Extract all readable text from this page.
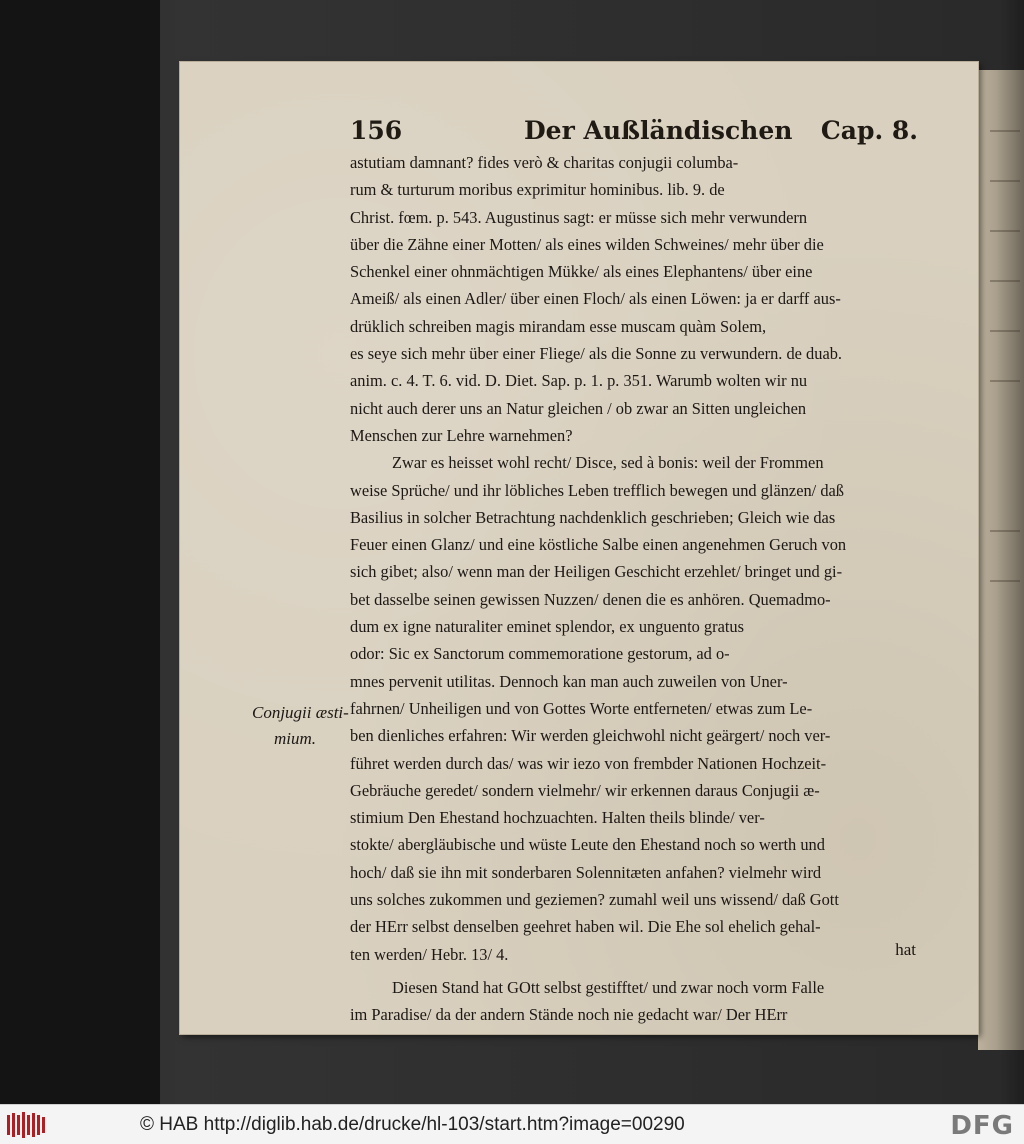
156	Der Außländischen Cap. 8.
Conjugii æsti-
mium.

astutiam damnant? fides verò & charitas conjugii columba-
rum & turturum moribus exprimitur hominibus. lib. 9. de
Christ. fœm. p. 543. Augustinus sagt: er müsse sich mehr verwundern
über die Zähne einer Motten/ als eines wilden Schweines/ mehr über die
Schenkel einer ohnmächtigen Mükke/ als eines Elephantens/ über eine
Ameiß/ als einen Adler/ über einen Floch/ als einen Löwen: ja er darff aus-
drüklich schreiben magis mirandam esse muscam quàm Solem,
es seye sich mehr über einer Fliege/ als die Sonne zu verwundern. de duab.
anim. c. 4. T. 6. vid. D. Diet. Sap. p. 1. p. 351. Warumb wolten wir nu
nicht auch derer uns an Natur gleichen / ob zwar an Sitten ungleichen
Menschen zur Lehre warnehmen?

Zwar es heisset wohl recht/ Disce, sed à bonis: weil der Frommen
weise Sprüche/ und ihr löbliches Leben trefflich bewegen und glänzen/ daß
Basilius in solcher Betrachtung nachdenklich geschrieben; Gleich wie das
Feuer einen Glanz/ und eine köstliche Salbe einen angenehmen Geruch von
sich gibet; also/ wenn man der Heiligen Geschicht erzehlet/ bringet und gi-
bet dasselbe seinen gewissen Nuzzen/ denen die es anhören. Quemadmo-
dum ex igne naturaliter eminet splendor, ex unguento gratus
odor: Sic ex Sanctorum commemoratione gestorum, ad o-
mnes pervenit utilitas. Dennoch kan man auch zuweilen von Uner-
fahrnen/ Unheiligen und von Gottes Worte entferneten/ etwas zum Le-
ben dienliches erfahren: Wir werden gleichwohl nicht geärgert/ noch ver-
führet werden durch das/ was wir iezo von frembder Nationen Hochzeit-
Gebräuche geredet/ sondern vielmehr/ wir erkennen daraus Conjugii æ-
stimium Den Ehestand hochzuachten. Halten theils blinde/ ver-
stokte/ abergläubische und wüste Leute den Ehestand noch so werth und
hoch/ daß sie ihn mit sonderbaren Solennitæten anfahen? vielmehr wird
uns solches zukommen und geziemen? zumahl weil uns wissend/ daß Gott
der HErr selbst denselben geehret haben wil. Die Ehe sol ehelich gehal-
ten werden/ Hebr. 13/ 4.

Diesen Stand hat GOtt selbst gestifftet/ und zwar noch vorm Falle
im Paradise/ da der andern Stände noch nie gedacht war/ Der HErr

hat
© HAB http://diglib.hab.de/drucke/hl-103/start.htm?image=00290	DFG
